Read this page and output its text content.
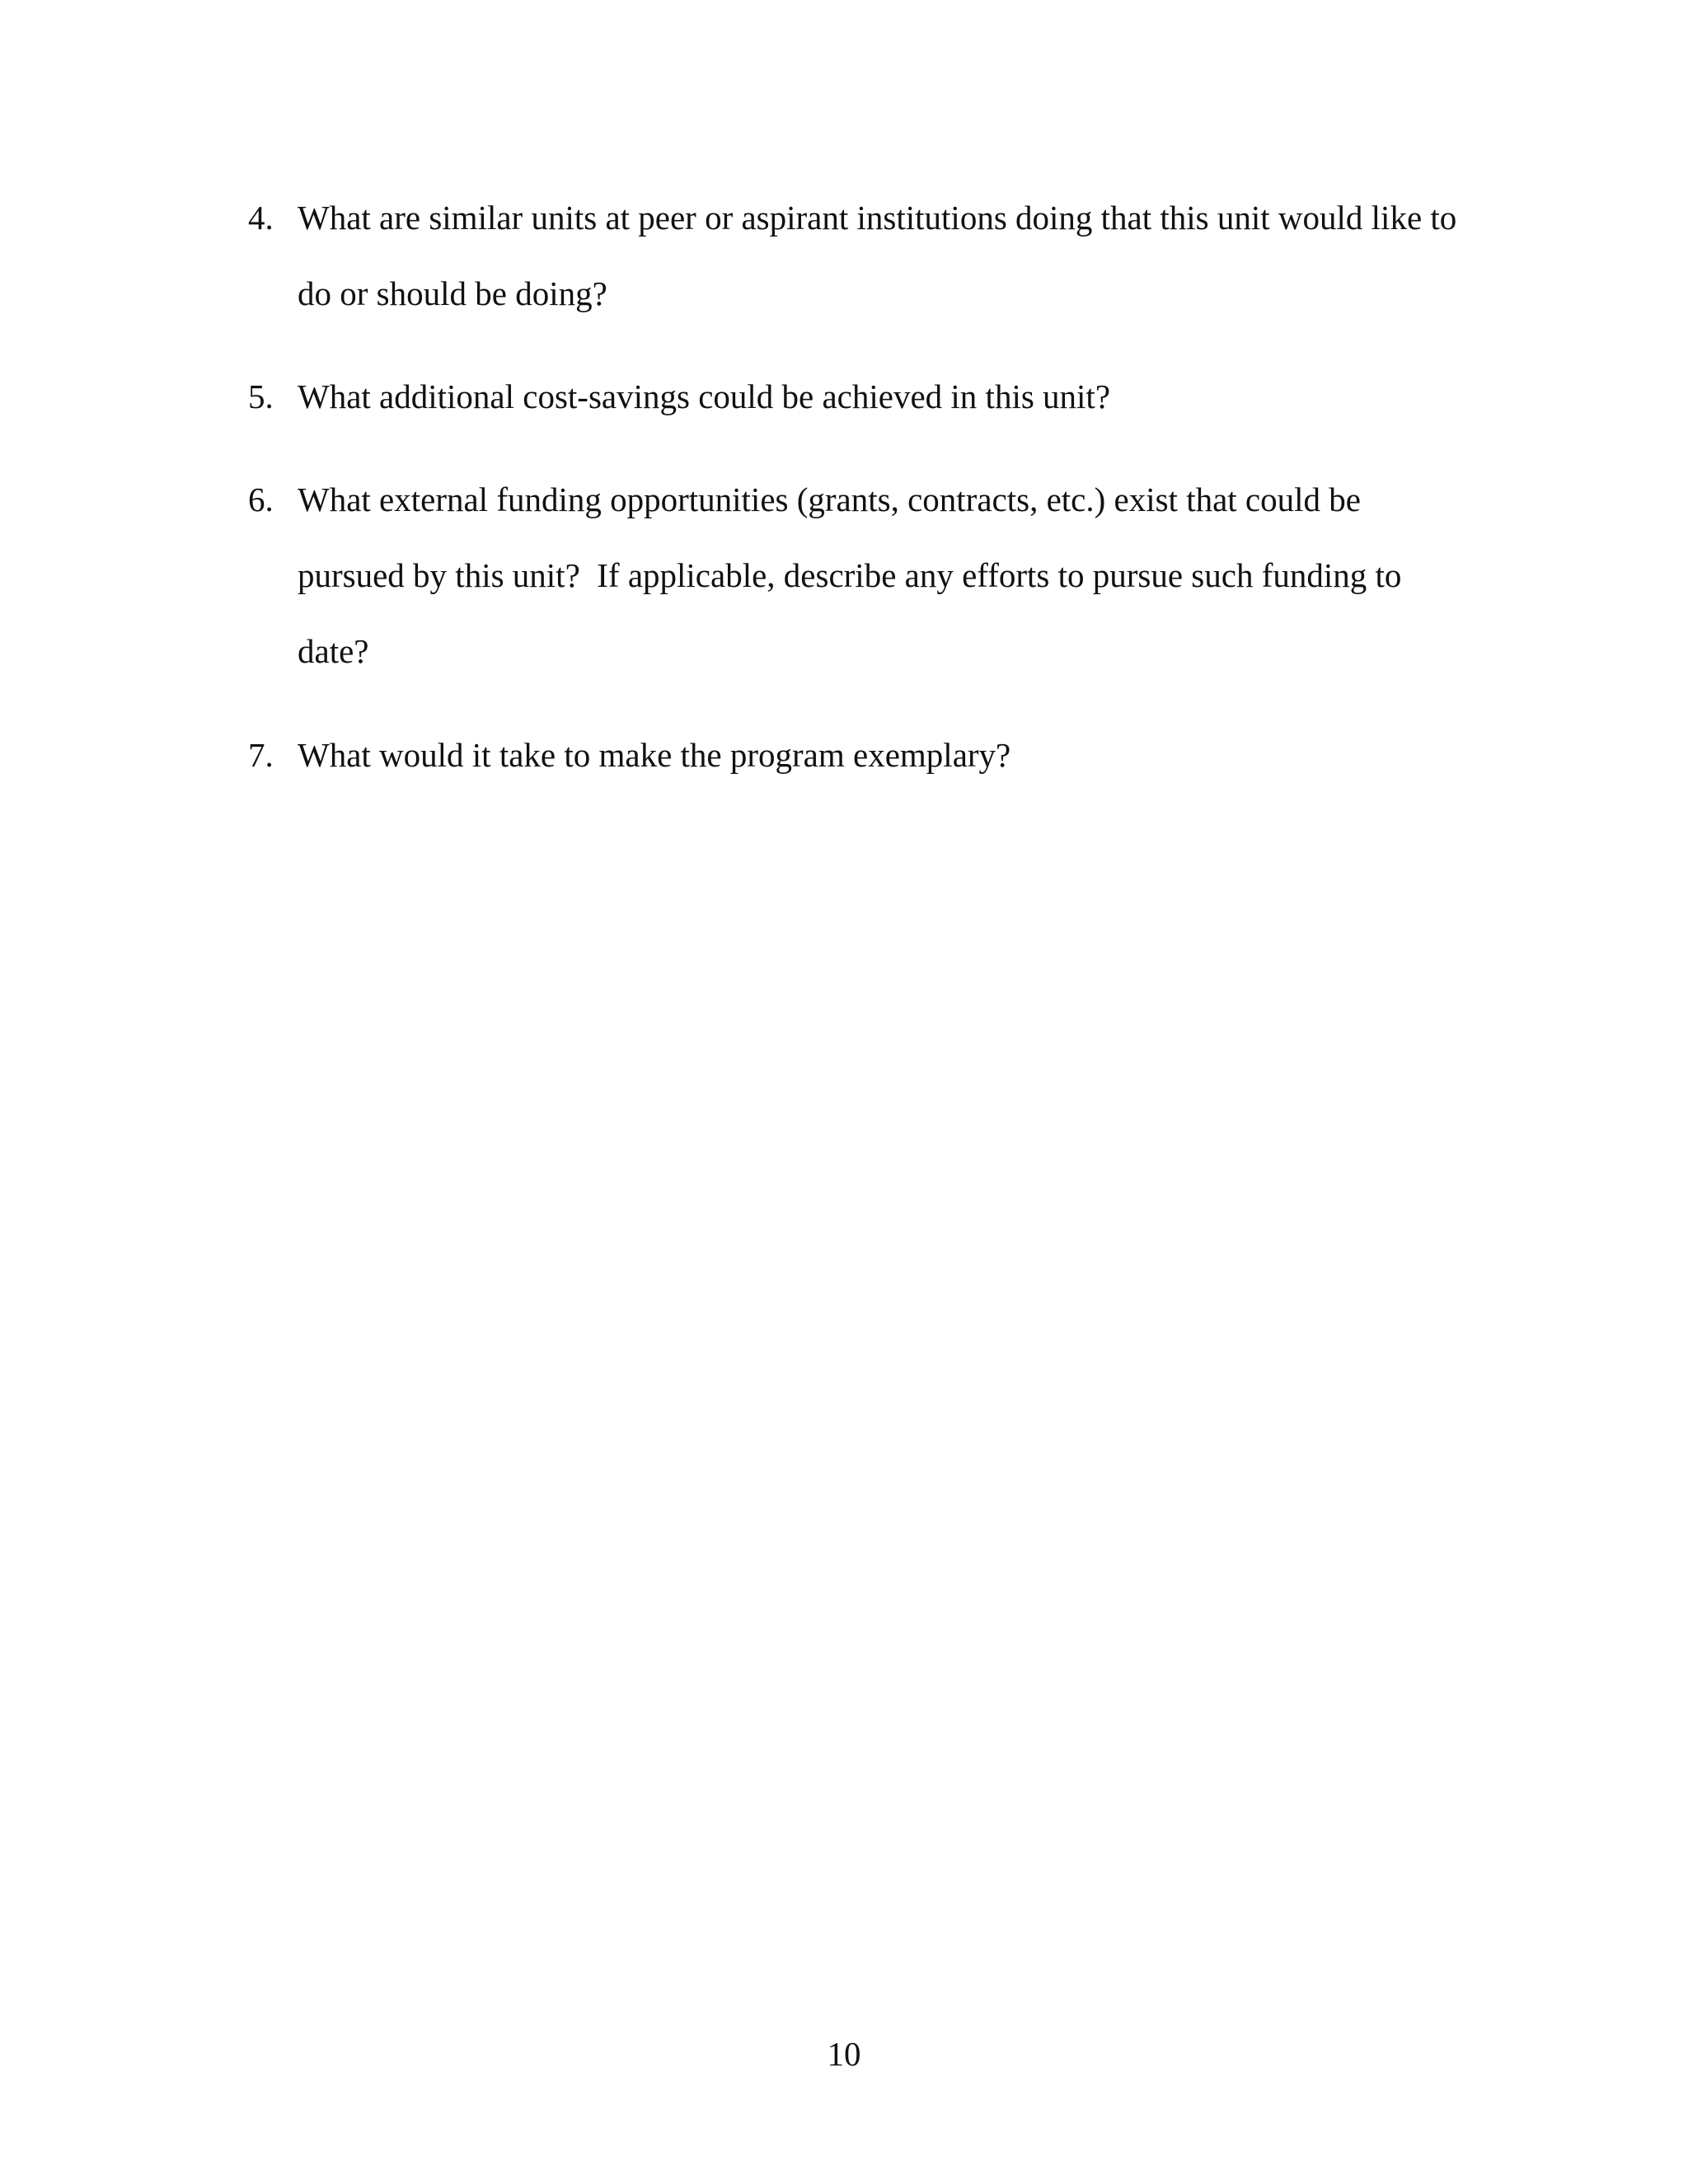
4. What are similar units at peer or aspirant institutions doing that this unit would like to
do or should be doing?
5. What additional cost-savings could be achieved in this unit?
6. What external funding opportunities (grants, contracts, etc.) exist that could be
pursued by this unit?  If applicable, describe any efforts to pursue such funding to
date?
7. What would it take to make the program exemplary?
10
